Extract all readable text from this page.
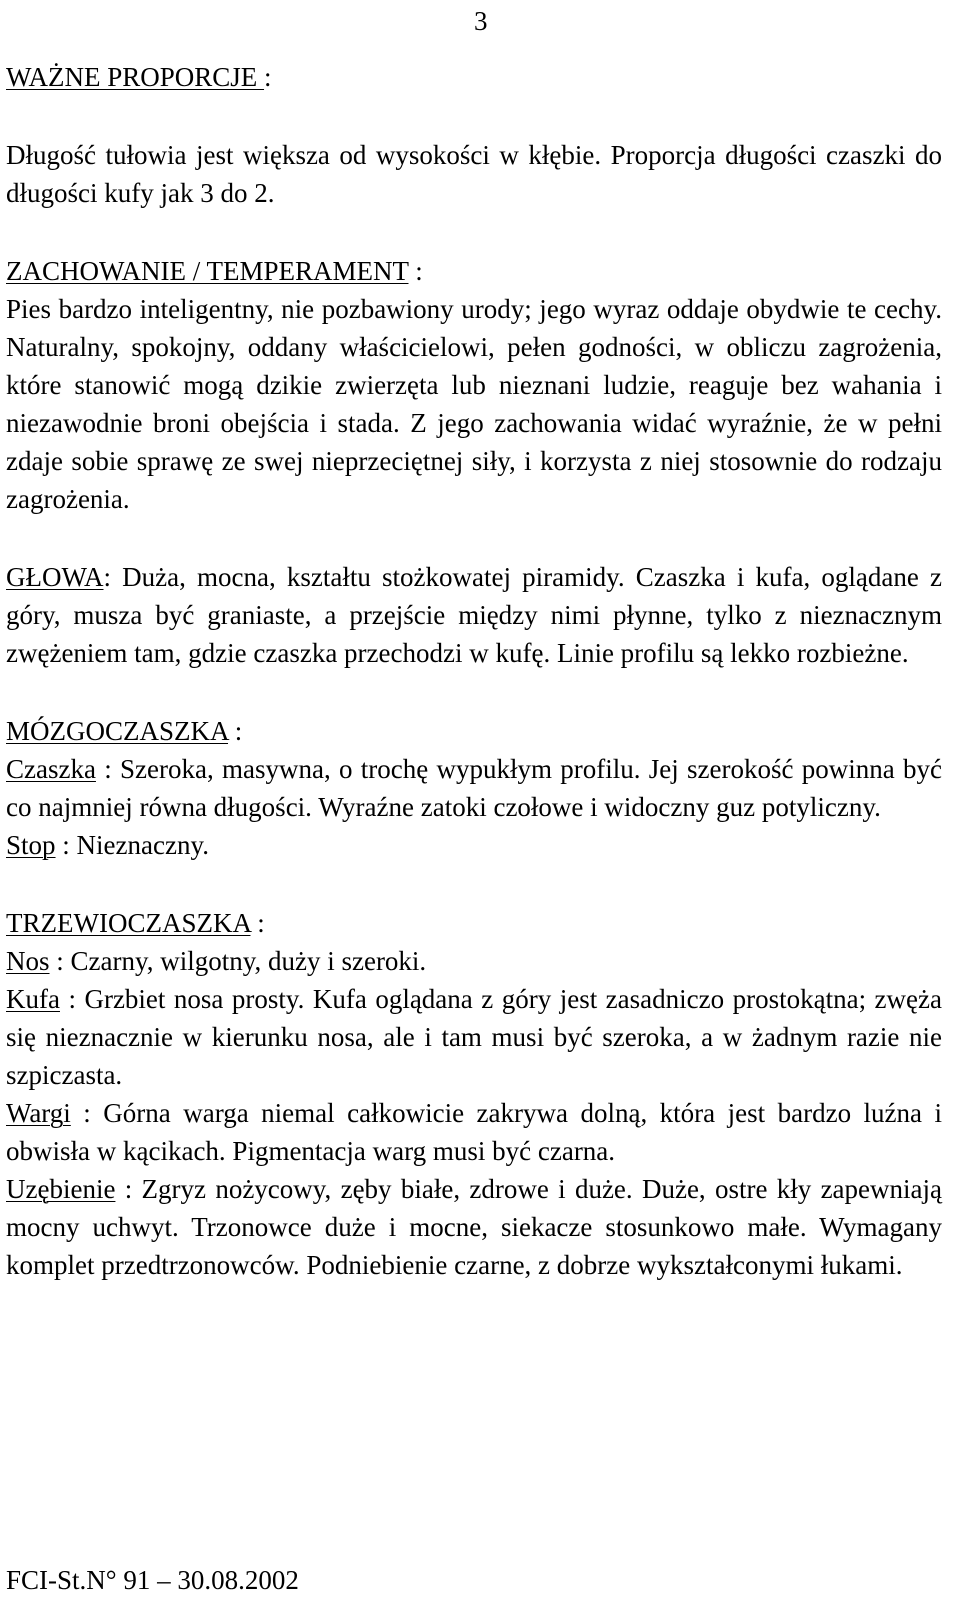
3
WAŻNE PROPORCJE :

Długość tułowia jest większa od wysokości w kłębie. Proporcja długości czaszki do długości kufy jak 3 do 2.

ZACHOWANIE / TEMPERAMENT :

Pies bardzo inteligentny, nie pozbawiony urody; jego wyraz oddaje obydwie te cechy. Naturalny, spokojny, oddany właścicielowi, pełen godności, w obliczu zagrożenia, które stanowić mogą dzikie zwierzęta lub nieznani ludzie, reaguje bez wahania i niezawodnie broni obejścia i stada. Z jego zachowania widać wyraźnie, że w pełni zdaje sobie sprawę ze swej nieprzeciętnej siły, i korzysta z niej stosownie do rodzaju zagrożenia.

GŁOWA: Duża, mocna, kształtu stożkowatej piramidy. Czaszka i kufa, oglądane z góry, musza być graniaste, a przejście między nimi płynne, tylko z nieznacznym zwężeniem tam, gdzie czaszka przechodzi w kufę. Linie profilu są lekko rozbieżne.

MÓZGOCZASZKA :

Czaszka : Szeroka, masywna, o trochę wypukłym profilu. Jej szerokość powinna być co najmniej równa długości. Wyraźne zatoki czołowe i widoczny guz potyliczny.

Stop : Nieznaczny.

TRZEWIOCZASZKA :

Nos : Czarny, wilgotny, duży i szeroki.

Kufa : Grzbiet nosa prosty. Kufa oglądana z góry jest zasadniczo prostokątna; zwęża się nieznacznie w kierunku nosa, ale i tam musi być szeroka, a w żadnym razie nie szpiczasta.

Wargi : Górna warga niemal całkowicie zakrywa dolną, która jest bardzo luźna i obwisła w kącikach. Pigmentacja warg musi być czarna.

Uzębienie : Zgryz nożycowy, zęby białe, zdrowe i duże. Duże, ostre kły zapewniają mocny uchwyt. Trzonowce duże i mocne, siekacze stosunkowo małe. Wymagany komplet przedtrzonowców. Podniebienie czarne, z dobrze wykształconymi łukami.

FCI-St.N° 91 – 30.08.2002
